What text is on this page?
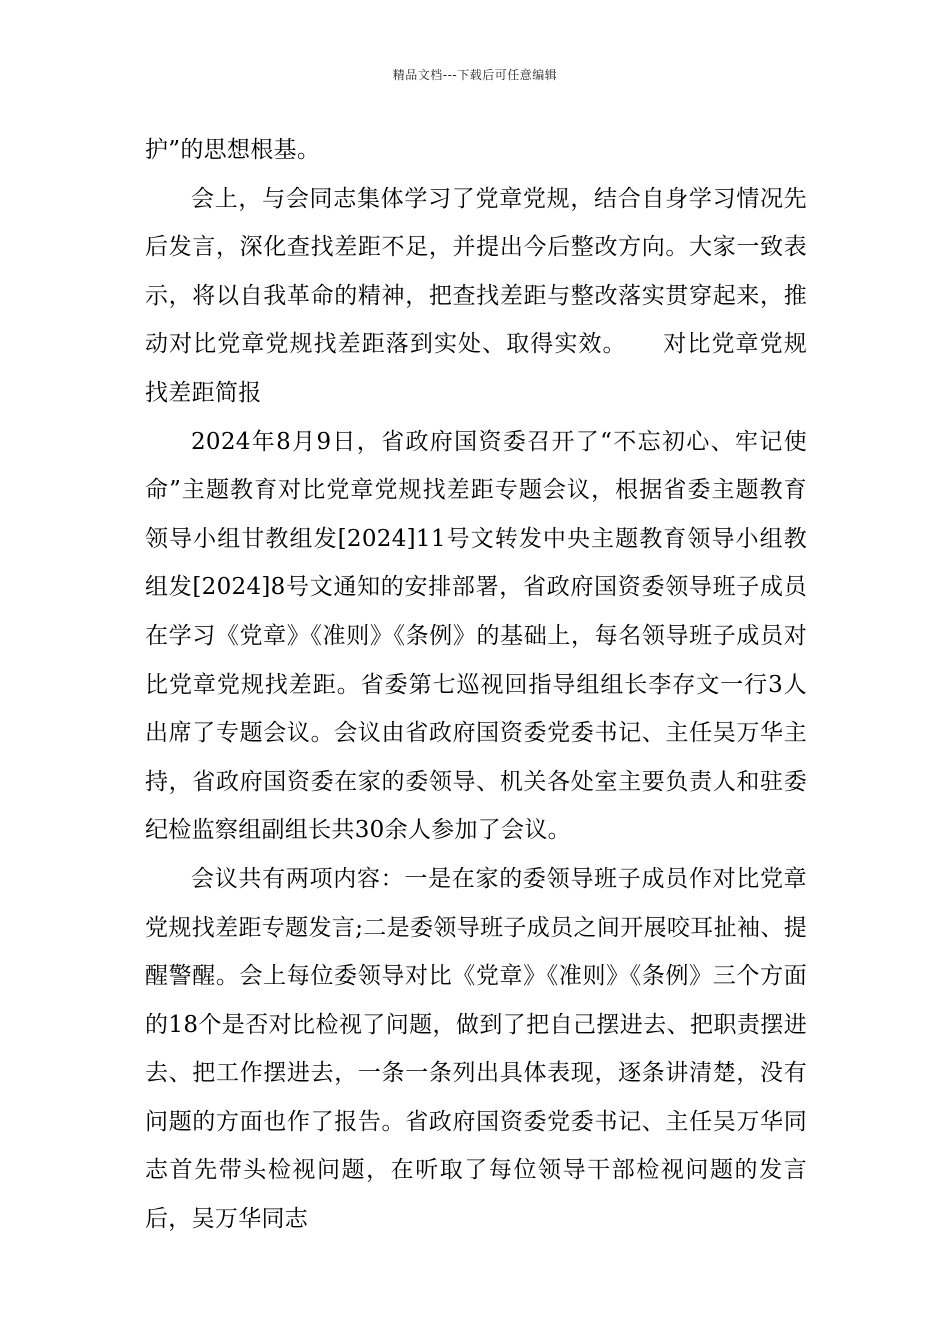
精品文档---下载后可任意编辑

护”的思想根基。

会上，与会同志集体学习了党章党规，结合自身学习情况先后发言，深化查找差距不足，并提出今后整改方向。大家一致表示，将以自我革命的精神，把查找差距与整改落实贯穿起来，推动对比党章党规找差距落到实处、取得实效。　　对比党章党规找差距简报

2024年8月9日，省政府国资委召开了“不忘初心、牢记使命”主题教育对比党章党规找差距专题会议，根据省委主题教育领导小组甘教组发[2024]11号文转发中央主题教育领导小组教组发[2024]8号文通知的安排部署，省政府国资委领导班子成员在学习《党章》《准则》《条例》的基础上，每名领导班子成员对比党章党规找差距。省委第七巡视回指导组组长李存文一行3人出席了专题会议。会议由省政府国资委党委书记、主任吴万华主持，省政府国资委在家的委领导、机关各处室主要负责人和驻委纪检监察组副组长共30余人参加了会议。

会议共有两项内容：一是在家的委领导班子成员作对比党章党规找差距专题发言;二是委领导班子成员之间开展咬耳扯袖、提醒警醒。会上每位委领导对比《党章》《准则》《条例》三个方面的18个是否对比检视了问题，做到了把自己摆进去、把职责摆进去、把工作摆进去，一条一条列出具体表现，逐条讲清楚，没有问题的方面也作了报告。省政府国资委党委书记、主任吴万华同志首先带头检视问题，在听取了每位领导干部检视问题的发言后，吴万华同志
